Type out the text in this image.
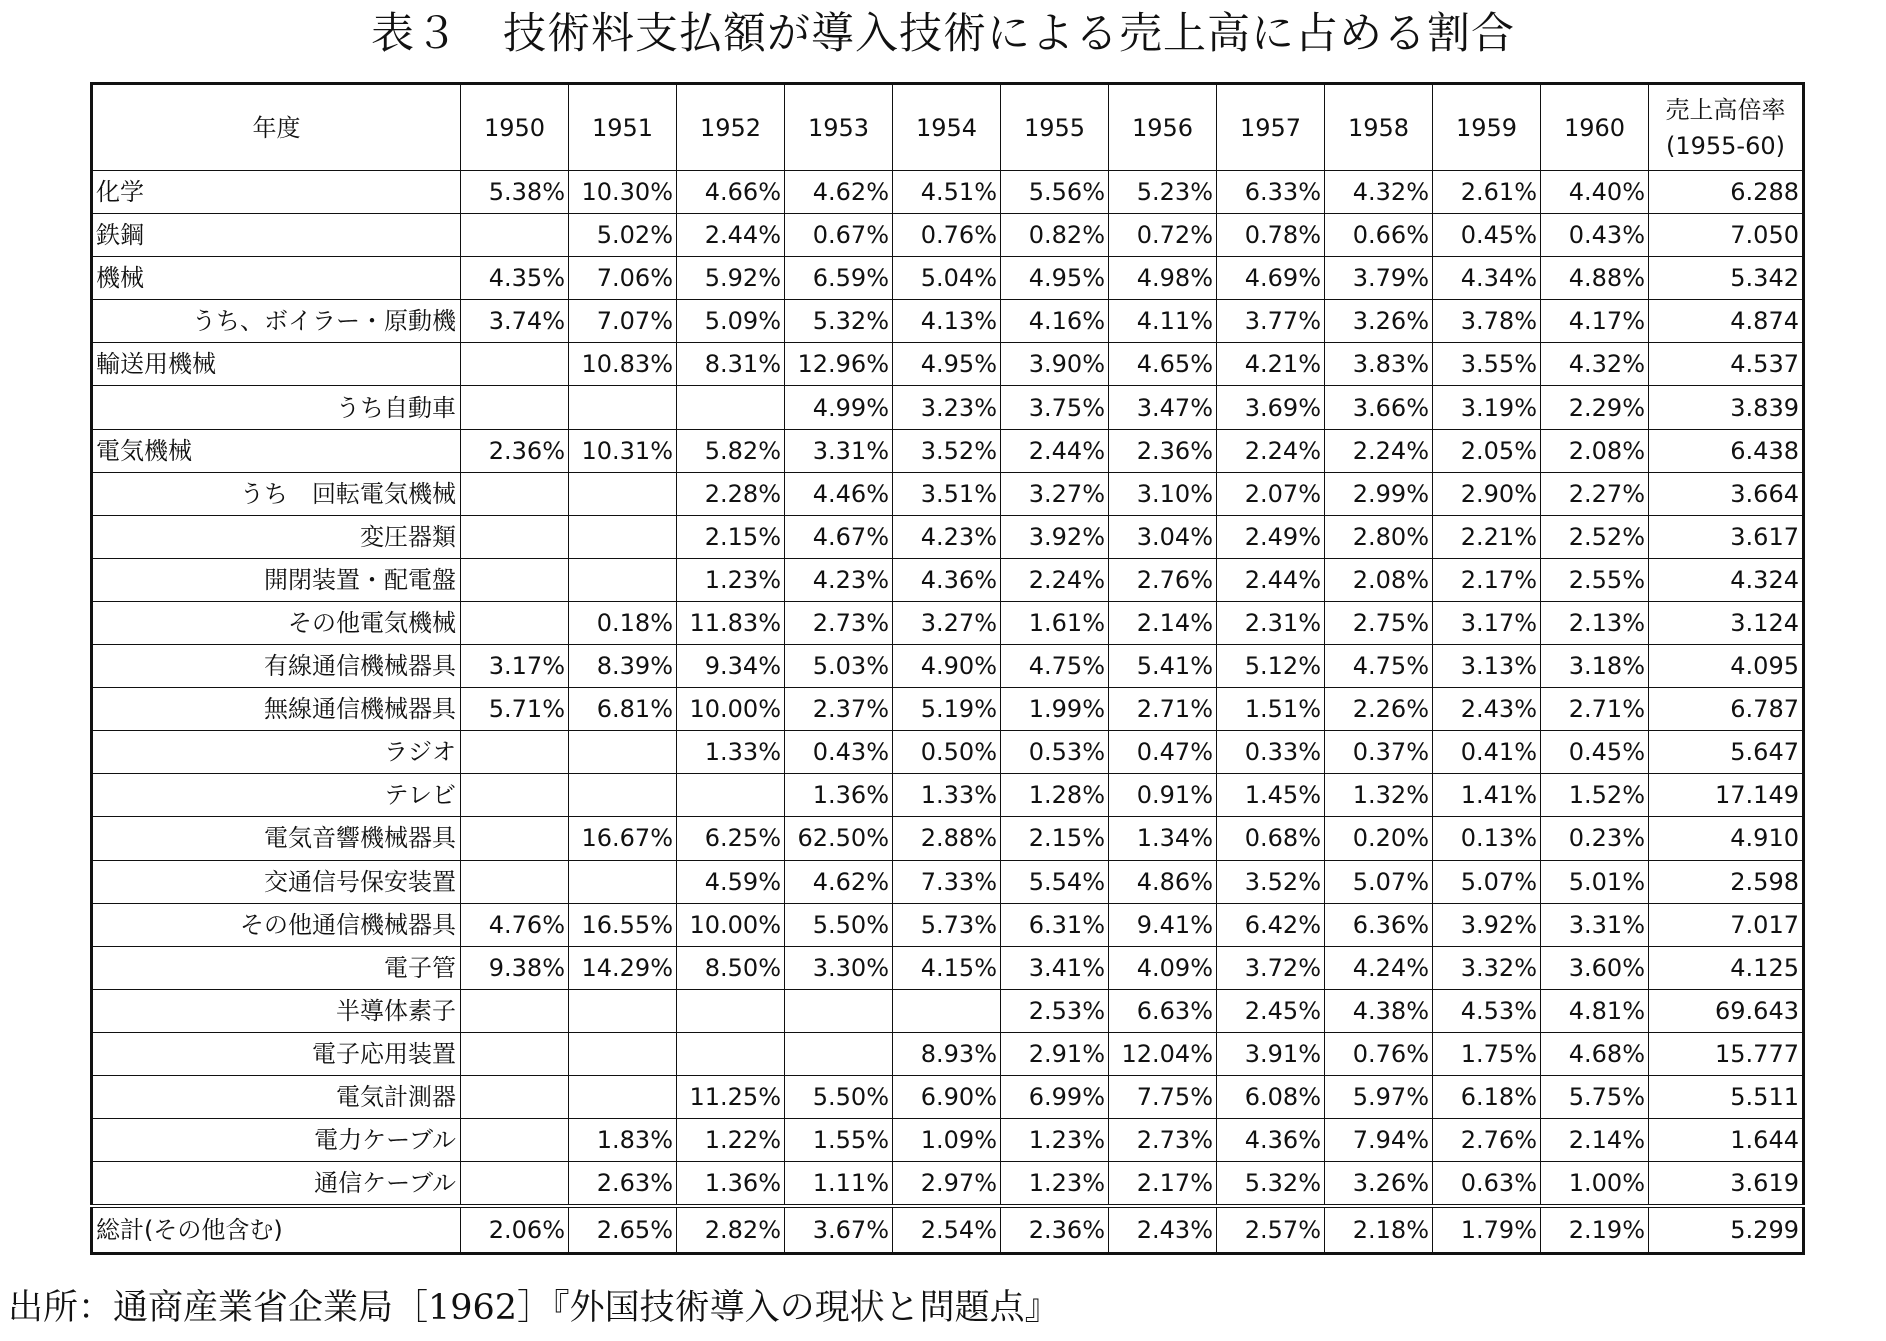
表３　技術料支払額が導入技術による売上高に占める割合
年度	1950	1951	1952	1953	1954	1955	1956	1957	1958	1959	1960	売上高倍率
(1955-60)

化学	5.38%	10.30%	4.66%	4.62%	4.51%	5.56%	5.23%	6.33%	4.32%	2.61%	4.40%	6.288
鉄鋼		5.02%	2.44%	0.67%	0.76%	0.82%	0.72%	0.78%	0.66%	0.45%	0.43%	7.050
機械	4.35%	7.06%	5.92%	6.59%	5.04%	4.95%	4.98%	4.69%	3.79%	4.34%	4.88%	5.342
うち、ボイラー・原動機	3.74%	7.07%	5.09%	5.32%	4.13%	4.16%	4.11%	3.77%	3.26%	3.78%	4.17%	4.874
輸送用機械		10.83%	8.31%	12.96%	4.95%	3.90%	4.65%	4.21%	3.83%	3.55%	4.32%	4.537
うち自動車				4.99%	3.23%	3.75%	3.47%	3.69%	3.66%	3.19%	2.29%	3.839
電気機械	2.36%	10.31%	5.82%	3.31%	3.52%	2.44%	2.36%	2.24%	2.24%	2.05%	2.08%	6.438
うち　回転電気機械			2.28%	4.46%	3.51%	3.27%	3.10%	2.07%	2.99%	2.90%	2.27%	3.664
変圧器類			2.15%	4.67%	4.23%	3.92%	3.04%	2.49%	2.80%	2.21%	2.52%	3.617
開閉装置・配電盤			1.23%	4.23%	4.36%	2.24%	2.76%	2.44%	2.08%	2.17%	2.55%	4.324
その他電気機械		0.18%	11.83%	2.73%	3.27%	1.61%	2.14%	2.31%	2.75%	3.17%	2.13%	3.124
有線通信機械器具	3.17%	8.39%	9.34%	5.03%	4.90%	4.75%	5.41%	5.12%	4.75%	3.13%	3.18%	4.095
無線通信機械器具	5.71%	6.81%	10.00%	2.37%	5.19%	1.99%	2.71%	1.51%	2.26%	2.43%	2.71%	6.787
ラジオ			1.33%	0.43%	0.50%	0.53%	0.47%	0.33%	0.37%	0.41%	0.45%	5.647
テレビ				1.36%	1.33%	1.28%	0.91%	1.45%	1.32%	1.41%	1.52%	17.149
電気音響機械器具		16.67%	6.25%	62.50%	2.88%	2.15%	1.34%	0.68%	0.20%	0.13%	0.23%	4.910
交通信号保安装置			4.59%	4.62%	7.33%	5.54%	4.86%	3.52%	5.07%	5.07%	5.01%	2.598
その他通信機械器具	4.76%	16.55%	10.00%	5.50%	5.73%	6.31%	9.41%	6.42%	6.36%	3.92%	3.31%	7.017
電子管	9.38%	14.29%	8.50%	3.30%	4.15%	3.41%	4.09%	3.72%	4.24%	3.32%	3.60%	4.125
半導体素子						2.53%	6.63%	2.45%	4.38%	4.53%	4.81%	69.643
電子応用装置					8.93%	2.91%	12.04%	3.91%	0.76%	1.75%	4.68%	15.777
電気計測器			11.25%	5.50%	6.90%	6.99%	7.75%	6.08%	5.97%	6.18%	5.75%	5.511
電力ケーブル		1.83%	1.22%	1.55%	1.09%	1.23%	2.73%	4.36%	7.94%	2.76%	2.14%	1.644
通信ケーブル		2.63%	1.36%	1.11%	2.97%	1.23%	2.17%	5.32%	3.26%	0.63%	1.00%	3.619
総計(その他含む)	2.06%	2.65%	2.82%	3.67%	2.54%	2.36%	2.43%	2.57%	2.18%	1.79%	2.19%	5.299
出所：通商産業省企業局［1962］『外国技術導入の現状と問題点』
